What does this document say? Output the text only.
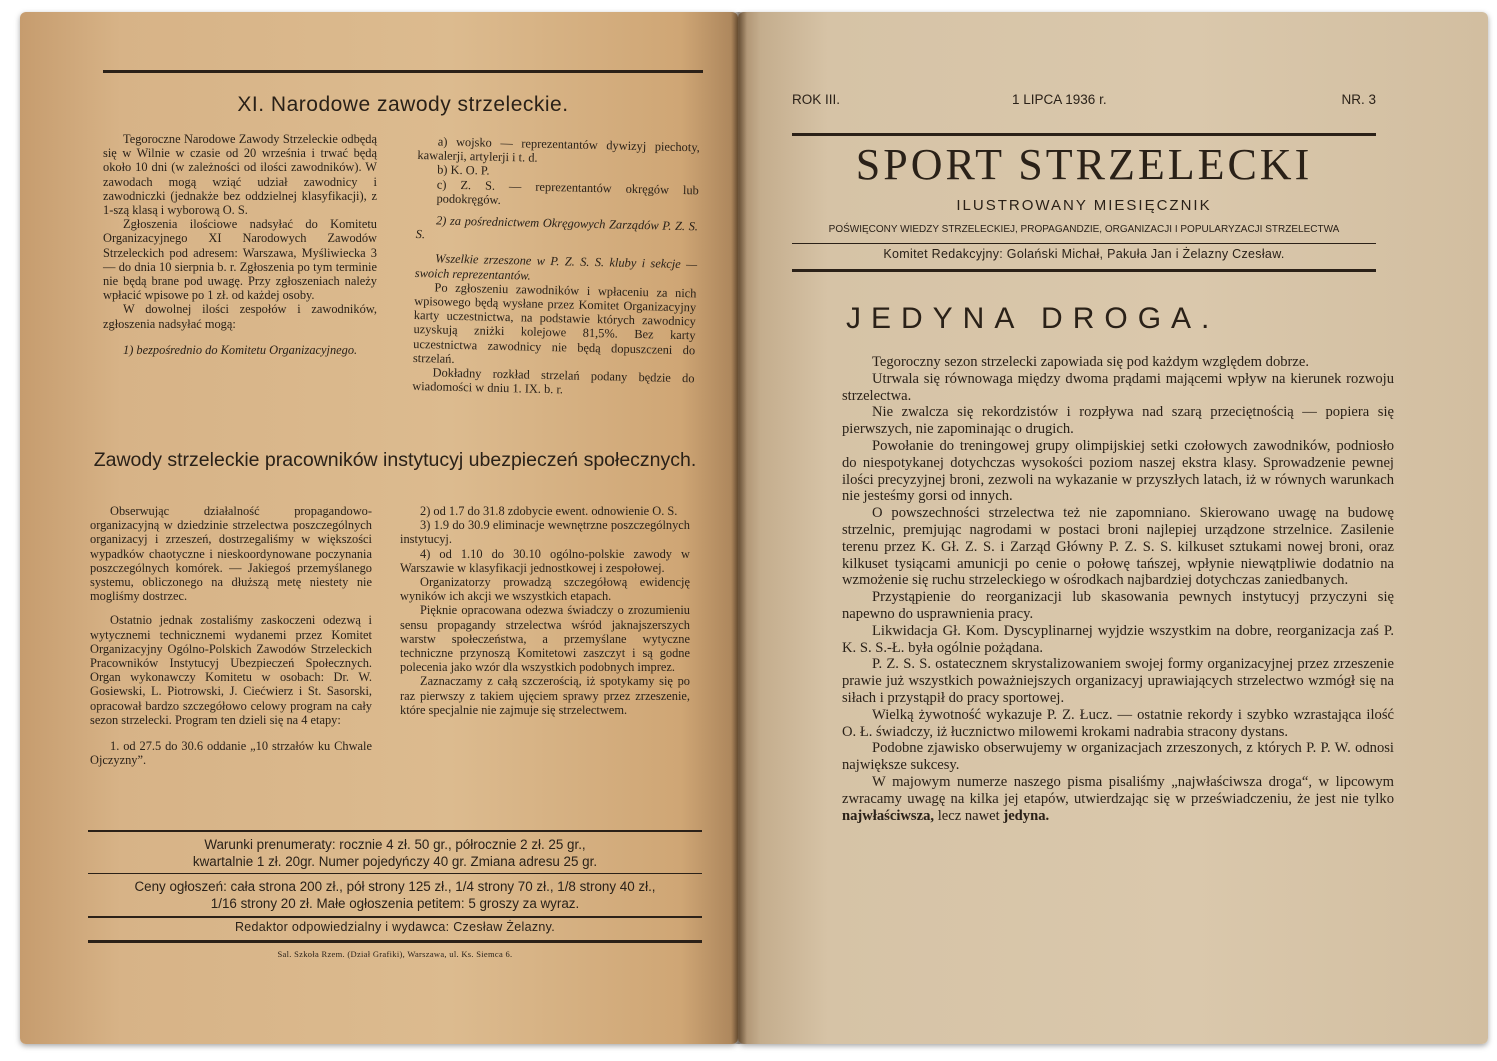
XI. Narodowe zawody strzeleckie.

Tegoroczne Narodowe Zawody Strzeleckie odbędą się w Wilnie w czasie od 20 września i trwać będą około 10 dni (w zależności od ilości zawodników). W zawodach mogą wziąć udział zawodnicy i zawodniczki (jednakże bez oddzielnej klasyfikacji), z 1-szą klasą i wyborową O. S.

Zgłoszenia ilościowe nadsyłać do Komitetu Organizacyjnego XI Narodowych Zawodów Strzeleckich pod adresem: Warszawa, Myśliwiecka 3 — do dnia 10 sierpnia b. r. Zgłoszenia po tym terminie nie będą brane pod uwagę. Przy zgłoszeniach należy wpłacić wpisowe po 1 zł. od każdej osoby.

W dowolnej ilości zespołów i zawodników, zgłoszenia nadsyłać mogą:

1) bezpośrednio do Komitetu Organizacyjnego.

a) wojsko — reprezentantów dywizyj piechoty, kawalerji, artylerji i t. d.

b) K. O. P.

c) Z. S. — reprezentantów okręgów lub podokręgów.

2) za pośrednictwem Okręgowych Zarządów P. Z. S. S.

Wszelkie zrzeszone w P. Z. S. S. kluby i sekcje — swoich reprezentantów.

Po zgłoszeniu zawodników i wpłaceniu za nich wpisowego będą wysłane przez Komitet Organizacyjny karty uczestnictwa, na podstawie których zawodnicy uzyskują zniżki kolejowe 81,5%. Bez karty uczestnictwa zawodnicy nie będą dopuszczeni do strzelań.

Dokładny rozkład strzelań podany będzie do wiadomości w dniu 1. IX. b. r.

Zawody strzeleckie pracowników instytucyj ubezpieczeń społecznych.

Obserwując działalność propagandowo-organizacyjną w dziedzinie strzelectwa poszczególnych organizacyj i zrzeszeń, dostrzegaliśmy w większości wypadków chaotyczne i nieskoordynowane poczynania poszczególnych komórek. — Jakiegoś przemyślanego systemu, obliczonego na dłuższą metę niestety nie mogliśmy dostrzec.

Ostatnio jednak zostaliśmy zaskoczeni odezwą i wytycznemi technicznemi wydanemi przez Komitet Organizacyjny Ogólno-Polskich Zawodów Strzeleckich Pracowników Instytucyj Ubezpieczeń Społecznych. Organ wykonawczy Komitetu w osobach: Dr. W. Gosiewski, L. Piotrowski, J. Ciećwierz i St. Sasorski, opracował bardzo szczegółowo celowy program na cały sezon strzelecki. Program ten dzieli się na 4 etapy:

1. od 27.5 do 30.6 oddanie „10 strzałów ku Chwale Ojczyzny”.

2) od 1.7 do 31.8 zdobycie ewent. odnowienie O. S.

3) 1.9 do 30.9 eliminacje wewnętrzne poszczególnych instytucyj.

4) od 1.10 do 30.10 ogólno-polskie zawody w Warszawie w klasyfikacji jednostkowej i zespołowej.

Organizatorzy prowadzą szczegółową ewidencję wyników ich akcji we wszystkich etapach.

Pięknie opracowana odezwa świadczy o zrozumieniu sensu propagandy strzelectwa wśród jaknajszerszych warstw społeczeństwa, a przemyślane wytyczne techniczne przynoszą Komitetowi zaszczyt i są godne polecenia jako wzór dla wszystkich podobnych imprez.

Zaznaczamy z całą szczerością, iż spotykamy się po raz pierwszy z takiem ujęciem sprawy przez zrzeszenie, które specjalnie nie zajmuje się strzelectwem.

Warunki prenumeraty: rocznie 4 zł. 50 gr., półrocznie 2 zł. 25 gr.,
kwartalnie 1 zł. 20gr. Numer pojedyńczy 40 gr. Zmiana adresu 25 gr.
Ceny ogłoszeń: cała strona 200 zł., pół strony 125 zł., 1/4 strony 70 zł., 1/8 strony 40 zł.,
1/16 strony 20 zł. Małe ogłoszenia petitem: 5 groszy za wyraz.
Redaktor odpowiedzialny i wydawca: Czesław Żelazny.
Sal. Szkoła Rzem. (Dział Grafiki), Warszawa, ul. Ks. Siemca 6.
ROK III.	1 LIPCA 1936 r.	NR. 3
SPORT STRZELECKI
ILUSTROWANY MIESIĘCZNIK
POŚWIĘCONY WIEDZY STRZELECKIEJ, PROPAGANDZIE, ORGANIZACJI I POPULARYZACJI STRZELECTWA
Komitet Redakcyjny: Golański Michał, Pakuła Jan i Żelazny Czesław.
JEDYNA DROGA.

Tegoroczny sezon strzelecki zapowiada się pod każdym względem dobrze.

Utrwala się równowaga między dwoma prądami mającemi wpływ na kierunek rozwoju strzelectwa.

Nie zwalcza się rekordzistów i rozpływa nad szarą przeciętnością — popiera się pierwszych, nie zapominając o drugich.

Powołanie do treningowej grupy olimpijskiej setki czołowych zawodników, podniosło do niespotykanej dotychczas wysokości poziom naszej ekstra klasy. Sprowadzenie pewnej ilości precyzyjnej broni, zezwoli na wykazanie w przyszłych latach, iż w równych warunkach nie jesteśmy gorsi od innych.

O powszechności strzelectwa też nie zapomniano. Skierowano uwagę na budowę strzelnic, premjując nagrodami w postaci broni najlepiej urządzone strzelnice. Zasilenie terenu przez K. Gł. Z. S. i Zarząd Główny P. Z. S. S. kilkuset sztukami nowej broni, oraz kilkuset tysiącami amunicji po cenie o połowę tańszej, wpłynie niewątpliwie dodatnio na wzmożenie się ruchu strzeleckiego w ośrodkach najbardziej dotychczas zaniedbanych.

Przystąpienie do reorganizacji lub skasowania pewnych instytucyj przyczyni się napewno do usprawnienia pracy.

Likwidacja Gł. Kom. Dyscyplinarnej wyjdzie wszystkim na dobre, reorganizacja zaś P. K. S. S.-Ł. była ogólnie pożądana.

P. Z. S. S. ostatecznem skrystalizowaniem swojej formy organizacyjnej przez zrzeszenie prawie już wszystkich poważniejszych organizacyj uprawiających strzelectwo wzmógł się na siłach i przystąpił do pracy sportowej.

Wielką żywotność wykazuje P. Z. Łucz. — ostatnie rekordy i szybko wzrastająca ilość O. Ł. świadczy, iż łucznictwo milowemi krokami nadrabia stracony dystans.

Podobne zjawisko obserwujemy w organizacjach zrzeszonych, z których P. P. W. odnosi największe sukcesy.

W majowym numerze naszego pisma pisaliśmy „najwłaściwsza droga“, w lipcowym zwracamy uwagę na kilka jej etapów, utwierdzając się w przeświadczeniu, że jest nie tylko najwłaściwsza, lecz nawet jedyna.
